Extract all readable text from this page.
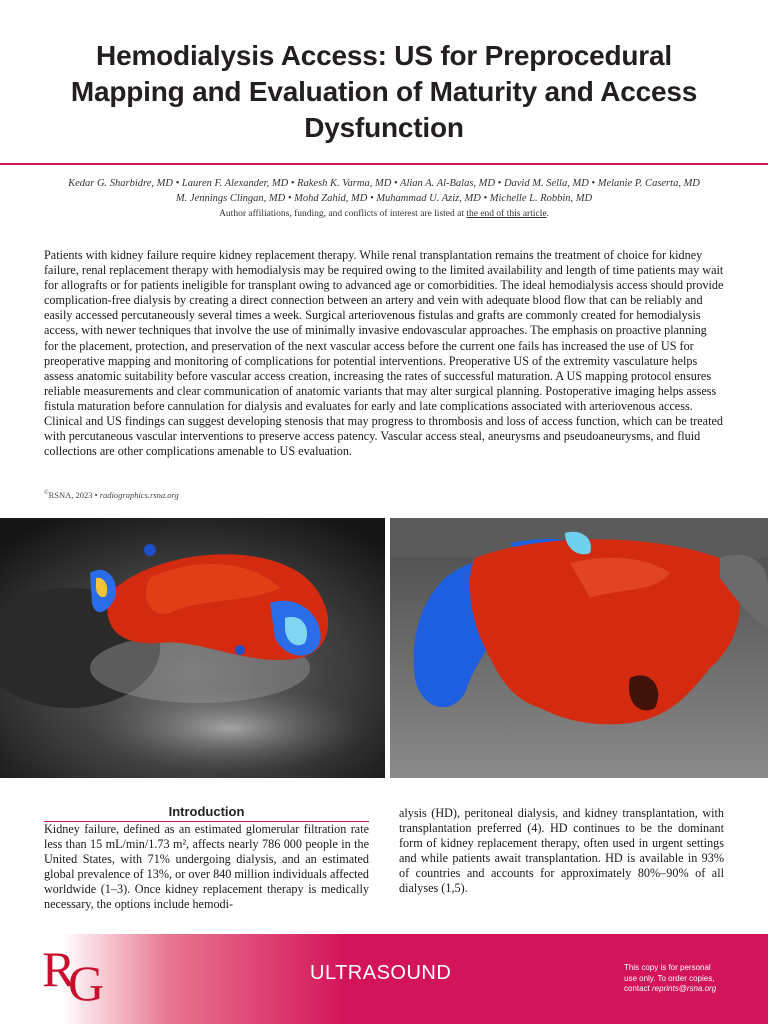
Hemodialysis Access: US for Preprocedural Mapping and Evaluation of Maturity and Access Dysfunction
Kedar G. Sharbidre, MD • Lauren F. Alexander, MD • Rakesh K. Varma, MD • Alian A. Al-Balas, MD • David M. Sella, MD • Melanie P. Caserta, MD
M. Jennings Clingan, MD • Mohd Zahid, MD • Muhammad U. Aziz, MD • Michelle L. Robbin, MD
Author affiliations, funding, and conflicts of interest are listed at the end of this article.

Patients with kidney failure require kidney replacement therapy. While renal transplantation remains the treatment of choice for kidney failure, renal replacement therapy with hemodialysis may be required owing to the limited availability and length of time patients may wait for allografts or for patients ineligible for transplant owing to advanced age or comorbidities. The ideal hemodialysis access should provide complication-free dialysis by creating a direct connection between an artery and vein with adequate blood flow that can be reliably and easily accessed percutaneously several times a week. Surgical arteriovenous fistulas and grafts are commonly created for hemodialysis access, with newer techniques that involve the use of minimally invasive endovascular approaches. The emphasis on proactive planning for the placement, protection, and preservation of the next vascular access before the current one fails has increased the use of US for preoperative mapping and monitoring of complications for potential interventions. Preoperative US of the extremity vasculature helps assess anatomic suitability before vascular access creation, increasing the rates of successful maturation. A US mapping protocol ensures reliable measurements and clear communication of anatomic variants that may alter surgical planning. Postoperative imaging helps assess fistula maturation before cannulation for dialysis and evaluates for early and late complications associated with arteriovenous access. Clinical and US findings can suggest developing stenosis that may progress to thrombosis and loss of access function, which can be treated with percutaneous vascular interventions to preserve access patency. Vascular access steal, aneurysms and pseudoaneurysms, and fluid collections are other complications amenable to US evaluation.

©RSNA, 2023 • radiographics.rsna.org
Introduction

Kidney failure, defined as an estimated glomerular filtration rate less than 15 mL/min/1.73 m², affects nearly 786 000 people in the United States, with 71% undergoing dialysis, and an estimated global prevalence of 13%, or over 840 million individuals affected worldwide (1–3). Once kidney replacement therapy is medically necessary, the options include hemodi-

alysis (HD), peritoneal dialysis, and kidney transplantation, with transplantation preferred (4). HD continues to be the dominant form of kidney replacement therapy, often used in urgent settings and while patients await transplantation. HD is available in 93% of countries and accounts for approximately 80%–90% of all dialyses (1,5).

R
G	ULTRASOUND	This copy is for personal
use only. To order copies,
contact reprints@rsna.org
